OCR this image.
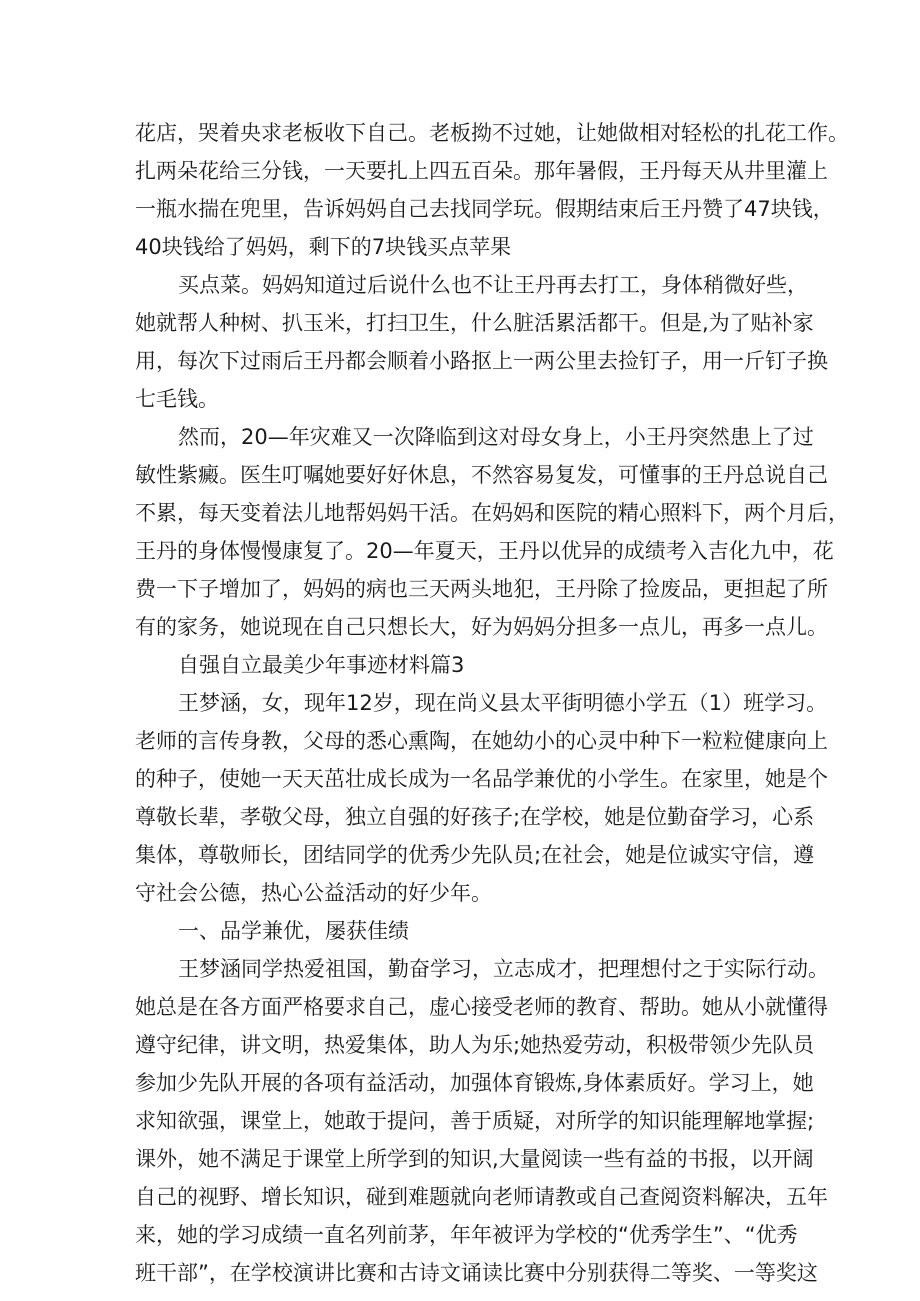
花店，哭着央求老板收下自己。老板拗不过她，让她做相对轻松的扎花工作。
扎两朵花给三分钱，一天要扎上四五百朵。那年暑假，王丹每天从井里灌上
一瓶水揣在兜里，告诉妈妈自己去找同学玩。假期结束后王丹赞了47块钱，
40块钱给了妈妈，剩下的7块钱买点苹果
买点菜。妈妈知道过后说什么也不让王丹再去打工，身体稍微好些，
她就帮人种树、扒玉米，打扫卫生，什么脏活累活都干。但是,为了贴补家
用，每次下过雨后王丹都会顺着小路抠上一两公里去捡钉子，用一斤钉子换
七毛钱。
然而，20—年灾难又一次降临到这对母女身上，小王丹突然患上了过
敏性紫癜。医生叮嘱她要好好休息，不然容易复发，可懂事的王丹总说自己
不累，每天变着法儿地帮妈妈干活。在妈妈和医院的精心照料下，两个月后，
王丹的身体慢慢康复了。20—年夏天，王丹以优异的成绩考入吉化九中，花
费一下子增加了，妈妈的病也三天两头地犯，王丹除了捡废品，更担起了所
有的家务，她说现在自己只想长大，好为妈妈分担多一点儿，再多一点儿。
自强自立最美少年事迹材料篇3
王梦涵，女，现年12岁，现在尚义县太平街明德小学五（1）班学习。
老师的言传身教，父母的悉心熏陶，在她幼小的心灵中种下一粒粒健康向上
的种子，使她一天天茁壮成长成为一名品学兼优的小学生。在家里，她是个
尊敬长辈，孝敬父母，独立自强的好孩子;在学校，她是位勤奋学习，心系
集体，尊敬师长，团结同学的优秀少先队员;在社会，她是位诚实守信，遵
守社会公德，热心公益活动的好少年。
一、品学兼优，屡获佳绩
王梦涵同学热爱祖国，勤奋学习，立志成才，把理想付之于实际行动。
她总是在各方面严格要求自己，虚心接受老师的教育、帮助。她从小就懂得
遵守纪律，讲文明，热爱集体，助人为乐;她热爱劳动，积极带领少先队员
参加少先队开展的各项有益活动，加强体育锻炼,身体素质好。学习上，她
求知欲强，课堂上，她敢于提问，善于质疑，对所学的知识能理解地掌握;
课外，她不满足于课堂上所学到的知识,大量阅读一些有益的书报，以开阔
自己的视野、增长知识，碰到难题就向老师请教或自己查阅资料解决，五年
来，她的学习成绩一直名列前茅，年年被评为学校的“优秀学生”、“优秀
班干部”，在学校演讲比赛和古诗文诵读比赛中分别获得二等奖、一等奖这
